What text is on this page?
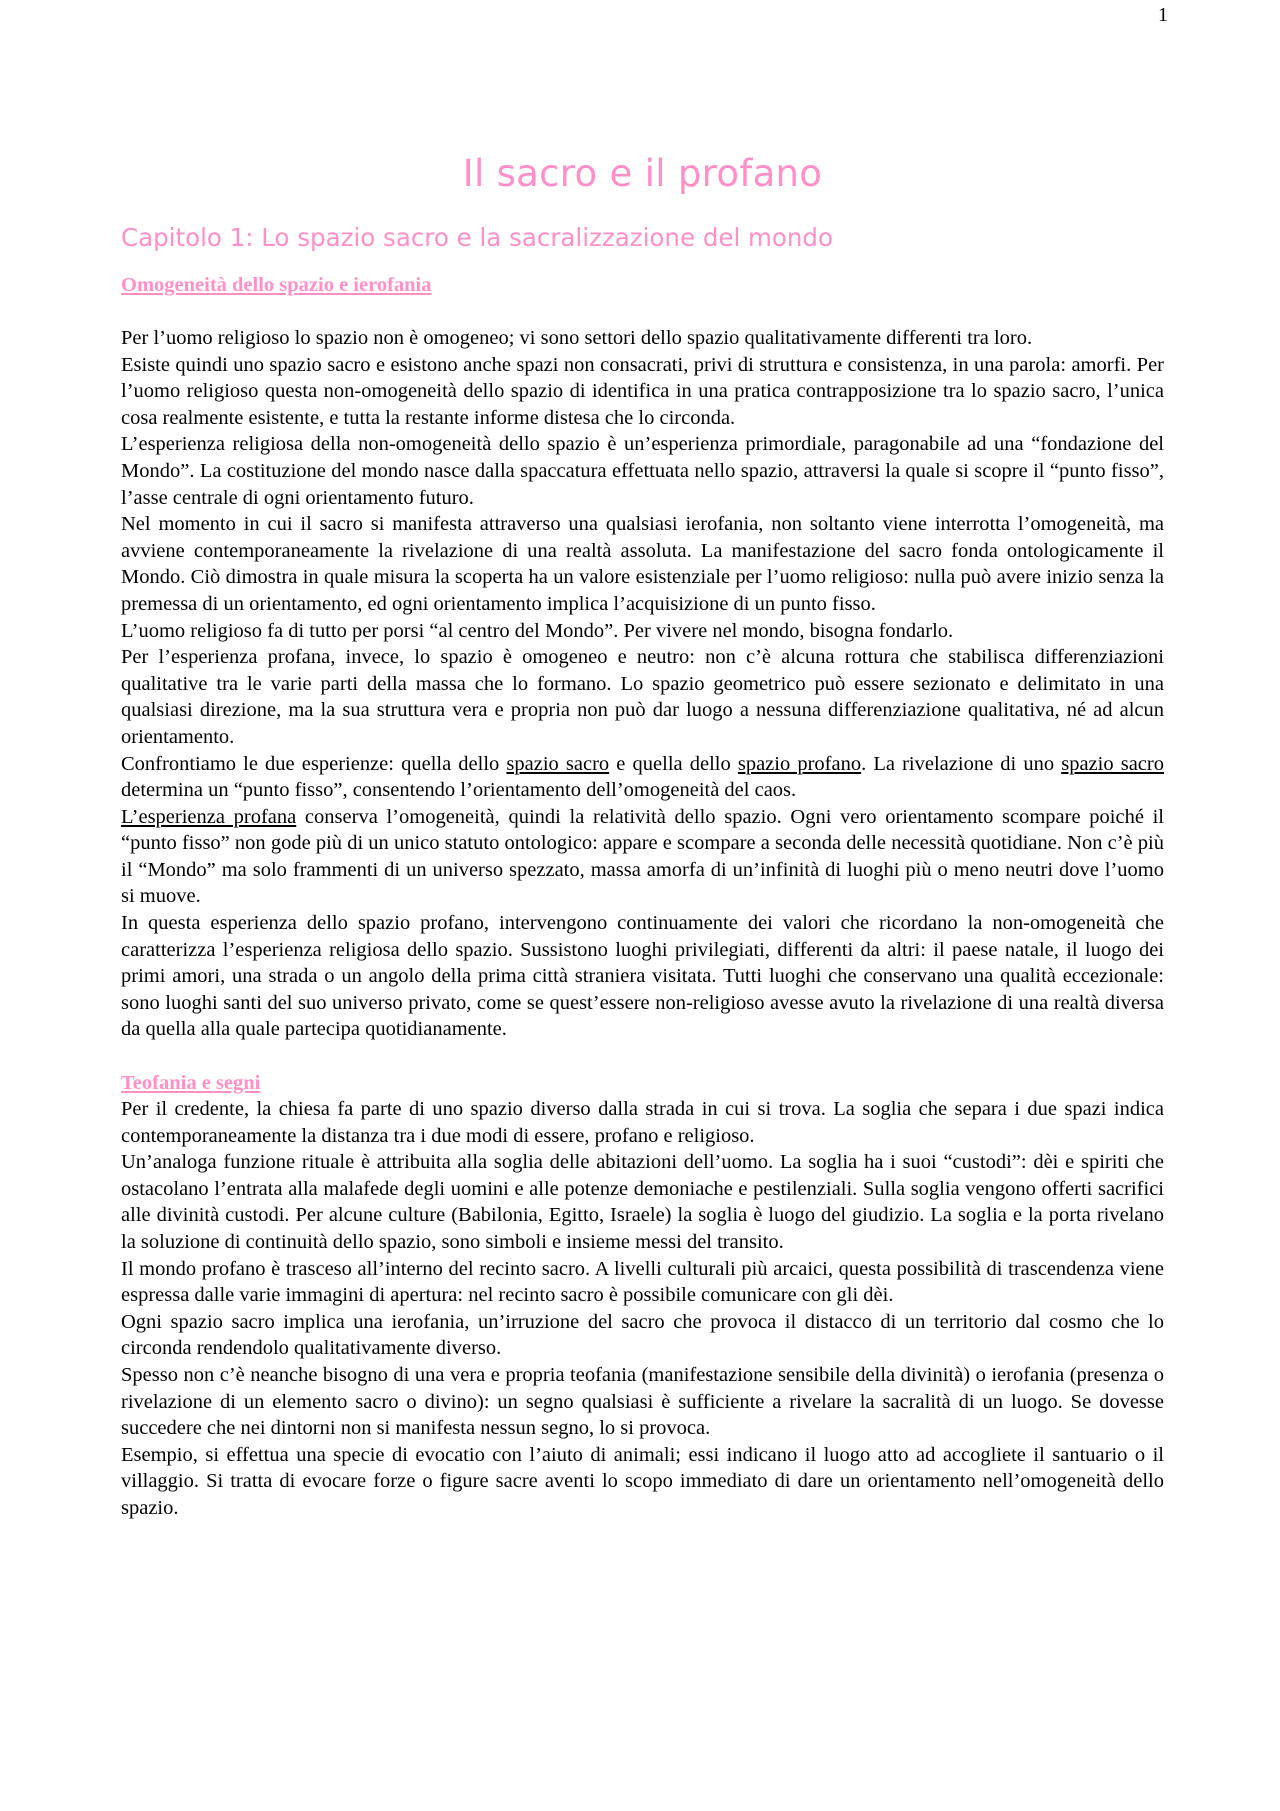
1
Il sacro e il profano
Capitolo 1: Lo spazio sacro e la sacralizzazione del mondo
Omogeneità dello spazio e ierofania

Per l’uomo religioso lo spazio non è omogeneo; vi sono settori dello spazio qualitativamente differenti tra loro.

Esiste quindi uno spazio sacro e esistono anche spazi non consacrati, privi di struttura e consistenza, in una parola: amorfi. Per l’uomo religioso questa non-omogeneità dello spazio di identifica in una pratica contrapposizione tra lo spazio sacro, l’unica cosa realmente esistente, e tutta la restante informe distesa che lo circonda.

L’esperienza religiosa della non-omogeneità dello spazio è un’esperienza primordiale, paragonabile ad una “fondazione del Mondo”. La costituzione del mondo nasce dalla spaccatura effettuata nello spazio, attraversi la quale si scopre il “punto fisso”, l’asse centrale di ogni orientamento futuro.

Nel momento in cui il sacro si manifesta attraverso una qualsiasi ierofania, non soltanto viene interrotta l’omogeneità, ma avviene contemporaneamente la rivelazione di una realtà assoluta. La manifestazione del sacro fonda ontologicamente il Mondo. Ciò dimostra in quale misura la scoperta ha un valore esistenziale per l’uomo religioso: nulla può avere inizio senza la premessa di un orientamento, ed ogni orientamento implica l’acquisizione di un punto fisso.

L’uomo religioso fa di tutto per porsi “al centro del Mondo”. Per vivere nel mondo, bisogna fondarlo.

Per l’esperienza profana, invece, lo spazio è omogeneo e neutro: non c’è alcuna rottura che stabilisca differenziazioni qualitative tra le varie parti della massa che lo formano. Lo spazio geometrico può essere sezionato e delimitato in una qualsiasi direzione, ma la sua struttura vera e propria non può dar luogo a nessuna differenziazione qualitativa, né ad alcun orientamento.

Confrontiamo le due esperienze: quella dello spazio sacro e quella dello spazio profano. La rivelazione di uno spazio sacro determina un “punto fisso”, consentendo l’orientamento dell’omogeneità del caos.

L’esperienza profana conserva l’omogeneità, quindi la relatività dello spazio. Ogni vero orientamento scompare poiché il “punto fisso” non gode più di un unico statuto ontologico: appare e scompare a seconda delle necessità quotidiane. Non c’è più il “Mondo” ma solo frammenti di un universo spezzato, massa amorfa di un’infinità di luoghi più o meno neutri dove l’uomo si muove.

In questa esperienza dello spazio profano, intervengono continuamente dei valori che ricordano la non-omogeneità che caratterizza l’esperienza religiosa dello spazio. Sussistono luoghi privilegiati, differenti da altri: il paese natale, il luogo dei primi amori, una strada o un angolo della prima città straniera visitata. Tutti luoghi che conservano una qualità eccezionale: sono luoghi santi del suo universo privato, come se quest’essere non-religioso avesse avuto la rivelazione di una realtà diversa da quella alla quale partecipa quotidianamente.

Teofania e segni

Per il credente, la chiesa fa parte di uno spazio diverso dalla strada in cui si trova. La soglia che separa i due spazi indica contemporaneamente la distanza tra i due modi di essere, profano e religioso.

Un’analoga funzione rituale è attribuita alla soglia delle abitazioni dell’uomo. La soglia ha i suoi “custodi”: dèi e spiriti che ostacolano l’entrata alla malafede degli uomini e alle potenze demoniache e pestilenziali. Sulla soglia vengono offerti sacrifici alle divinità custodi. Per alcune culture (Babilonia, Egitto, Israele) la soglia è luogo del giudizio. La soglia e la porta rivelano la soluzione di continuità dello spazio, sono simboli e insieme messi del transito.

Il mondo profano è trasceso all’interno del recinto sacro. A livelli culturali più arcaici, questa possibilità di trascendenza viene espressa dalle varie immagini di apertura: nel recinto sacro è possibile comunicare con gli dèi.

Ogni spazio sacro implica una ierofania, un’irruzione del sacro che provoca il distacco di un territorio dal cosmo che lo circonda rendendolo qualitativamente diverso.

Spesso non c’è neanche bisogno di una vera e propria teofania (manifestazione sensibile della divinità) o ierofania (presenza o rivelazione di un elemento sacro o divino): un segno qualsiasi è sufficiente a rivelare la sacralità di un luogo. Se dovesse succedere che nei dintorni non si manifesta nessun segno, lo si provoca.

Esempio, si effettua una specie di evocatio con l’aiuto di animali; essi indicano il luogo atto ad accogliete il santuario o il villaggio. Si tratta di evocare forze o figure sacre aventi lo scopo immediato di dare un orientamento nell’omogeneità dello spazio.
